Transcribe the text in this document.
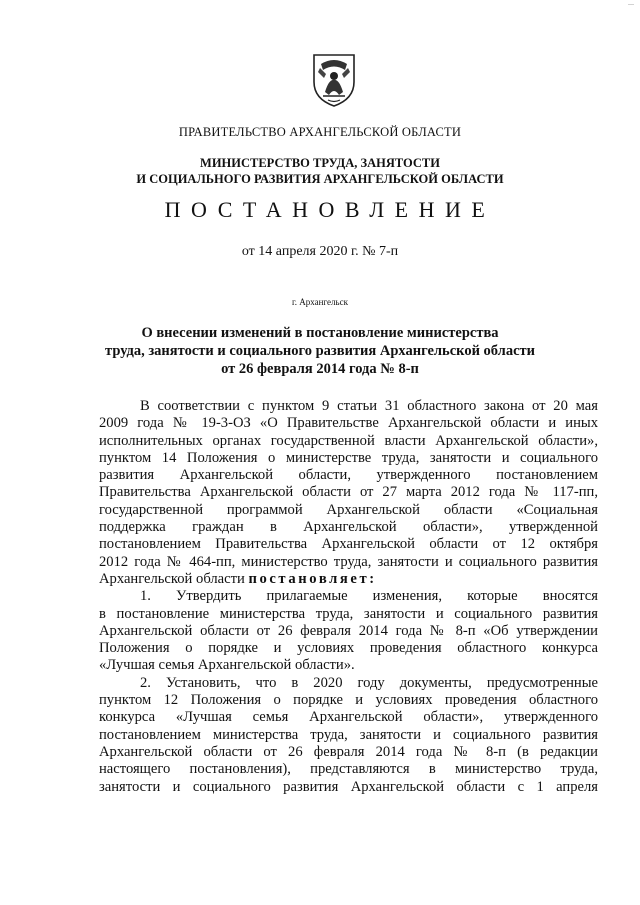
---
ПРАВИТЕЛЬСТВО АРХАНГЕЛЬСКОЙ ОБЛАСТИ
МИНИСТЕРСТВО ТРУДА, ЗАНЯТОСТИ
И СОЦИАЛЬНОГО РАЗВИТИЯ АРХАНГЕЛЬСКОЙ ОБЛАСТИ
ПОСТАНОВЛЕНИЕ
от 14 апреля 2020 г. № 7-п
г. Архангельск
О внесении изменений в постановление министерства
труда, занятости и социального развития Архангельской области
от 26 февраля 2014 года № 8-п

В соответствии с пунктом 9 статьи 31 областного закона от 20 мая
2009 года № 19-3-ОЗ «О Правительстве Архангельской области и иных
исполнительных органах государственной власти Архангельской области»,
пунктом 14 Положения о министерстве труда, занятости и социального
развития Архангельской области, утвержденного постановлением
Правительства Архангельской области от 27 марта 2012 года № 117-пп,
государственной программой Архангельской области «Социальная
поддержка граждан в Архангельской области», утвержденной
постановлением Правительства Архангельской области от 12 октября
2012 года № 464-пп, министерство труда, занятости и социального развития
Архангельской области постановляет:

1. Утвердить прилагаемые изменения, которые вносятся
в постановление министерства труда, занятости и социального развития
Архангельской области от 26 февраля 2014 года № 8-п «Об утверждении
Положения о порядке и условиях проведения областного конкурса
«Лучшая семья Архангельской области».

2. Установить, что в 2020 году документы, предусмотренные
пунктом 12 Положения о порядке и условиях проведения областного
конкурса «Лучшая семья Архангельской области», утвержденного
постановлением министерства труда, занятости и социального развития
Архангельской области от 26 февраля 2014 года № 8-п (в редакции
настоящего постановления), представляются в министерство труда,
занятости и социального развития Архангельской области с 1 апреля
